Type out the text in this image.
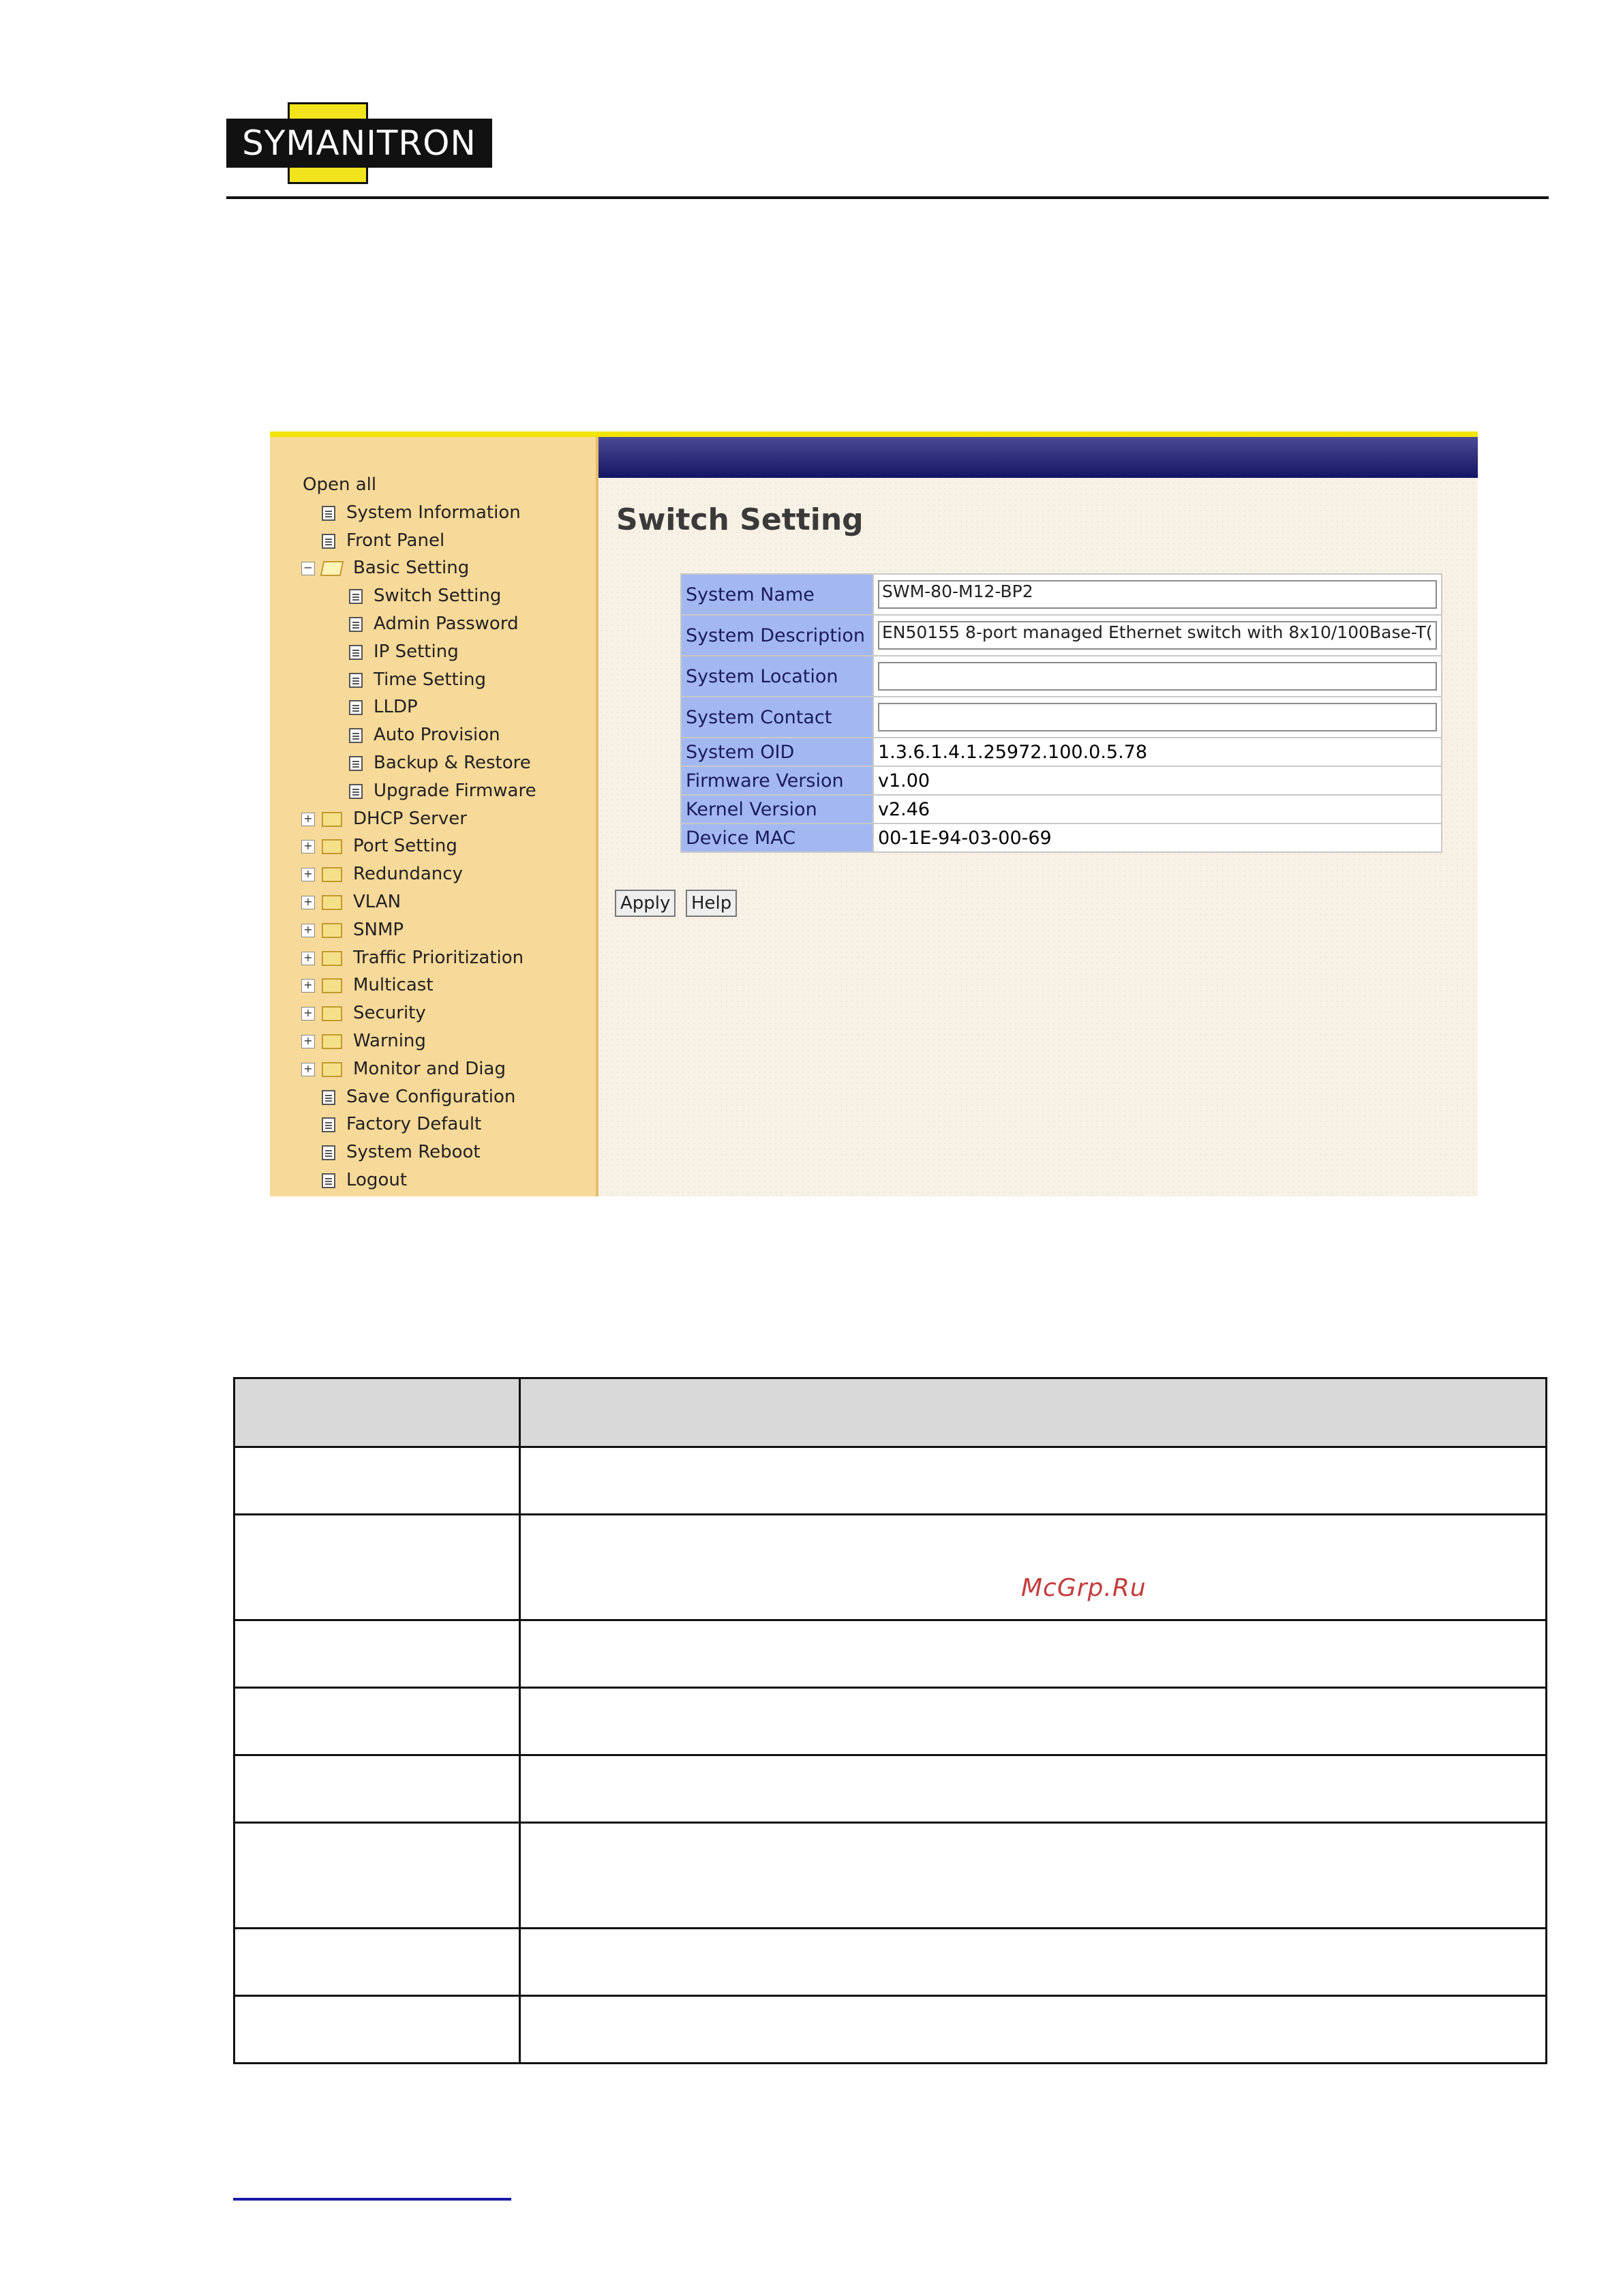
SYMANITRON
Open all
System Information
Front Panel
− Basic Setting
Switch Setting
Admin Password
IP Setting
Time Setting
LLDP
Auto Provision
Backup & Restore
Upgrade Firmware
+ DHCP Server
+ Port Setting
+ Redundancy
+ VLAN
+ SNMP
+ Traffic Prioritization
+ Multicast
+ Security
+ Warning
+ Monitor and Diag
Save Configuration
Factory Default
System Reboot
Logout
Switch Setting
System Name	SWM-80-M12-BP2

System Description	EN50155 8-port managed Ethernet switch with 8x10/100Base-T(

System Location	

System Contact	

System OID	1.3.6.1.4.1.25972.100.0.5.78
Firmware Version	v1.00
Kernel Version	v2.46
Device MAC	00-1E-94-03-00-69
Apply	Help
McGrp.Ru
